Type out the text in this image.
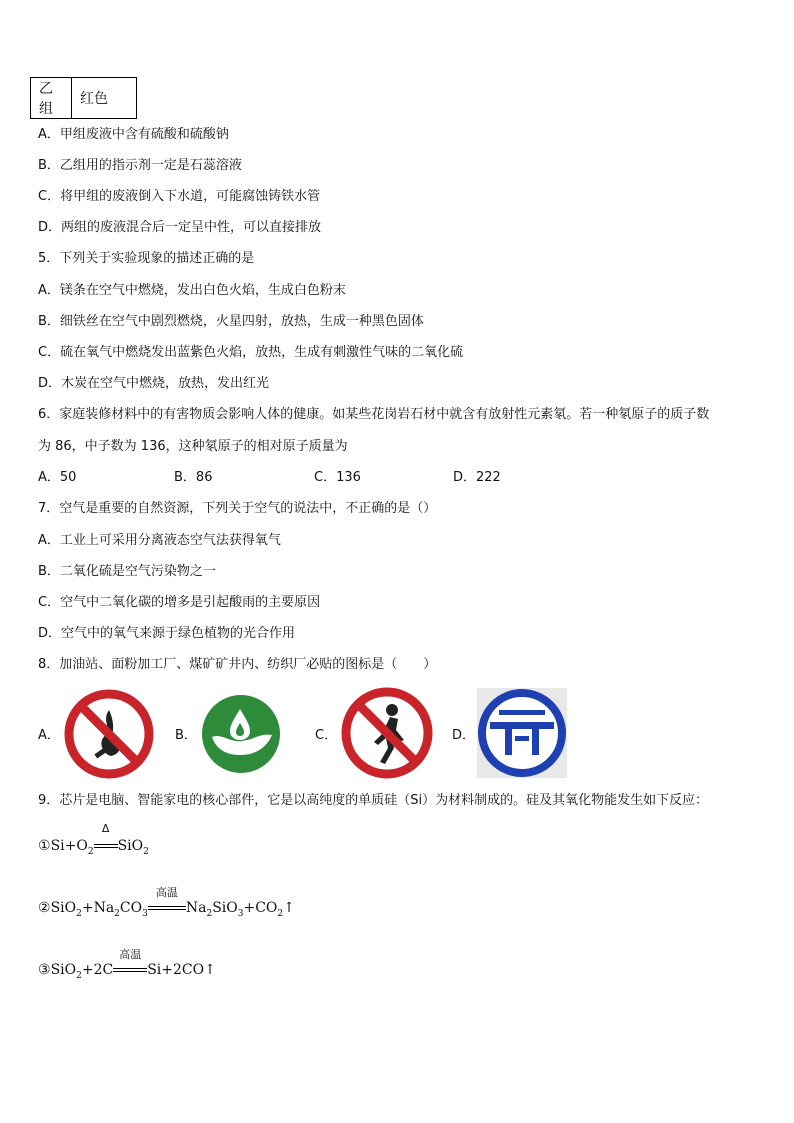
乙组	红色
A．甲组废液中含有硫酸和硫酸钠
B．乙组用的指示剂一定是石蕊溶液
C．将甲组的废液倒入下水道，可能腐蚀铸铁水管
D．两组的废液混合后一定呈中性，可以直接排放
5．下列关于实验现象的描述正确的是
A．镁条在空气中燃烧，发出白色火焰，生成白色粉末
B．细铁丝在空气中剧烈燃烧，火星四射，放热，生成一种黑色固体
C．硫在氧气中燃烧发出蓝紫色火焰，放热，生成有刺激性气味的二氧化硫
D．木炭在空气中燃烧，放热，发出红光
6．家庭装修材料中的有害物质会影响人体的健康。如某些花岗岩石材中就含有放射性元素氡。若一种氡原子的质子数
为 86，中子数为 136，这种氡原子的相对原子质量为
A．50	B．86	C．136	D．222
7．空气是重要的自然资源，下列关于空气的说法中，不正确的是（）
A．工业上可采用分离液态空气法获得氧气
B．二氧化硫是空气污染物之一
C．空气中二氧化碳的增多是引起酸雨的主要原因
D．空气中的氧气来源于绿色植物的光合作用
8．加油站、面粉加工厂、煤矿矿井内、纺织厂必贴的图标是（　　）
A．	B．	C．	D．
9．芯片是电脑、智能家电的核心部件，它是以高纯度的单质硅（Si）为材料制成的。硅及其氧化物能发生如下反应：
$①Si+O_2$
Δ
SiO$_2$
$②SiO_2+Na_2CO_3$
高温
$Na_2SiO_3+CO_2↑$
③SiO$_2$+2C
高温
Si+2CO↑
